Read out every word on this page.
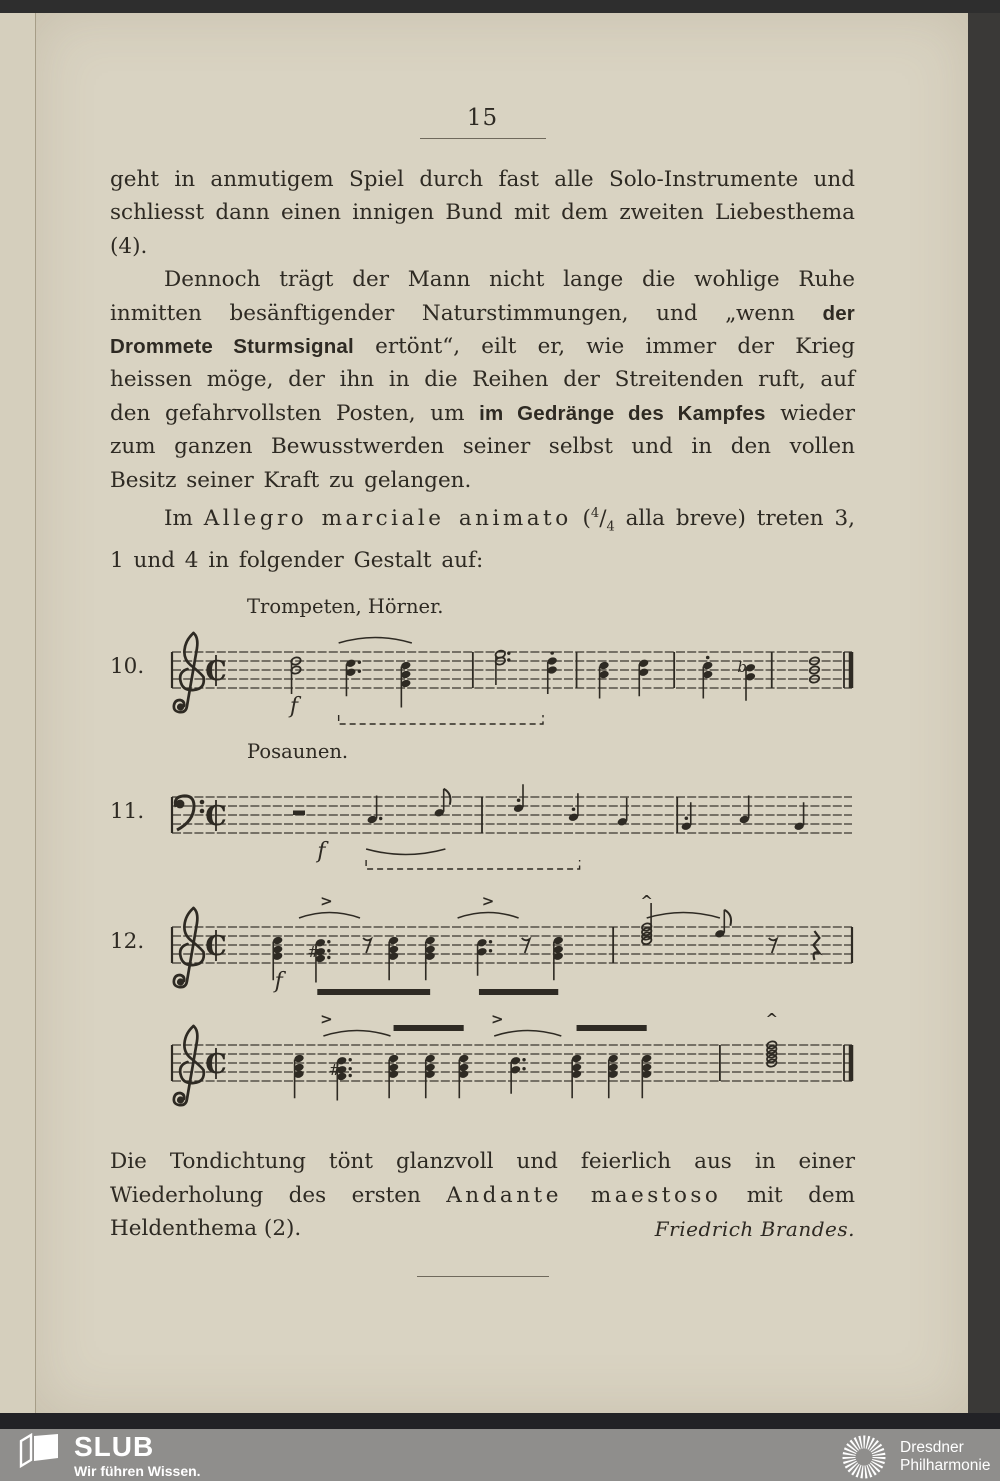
15

geht in anmutigem Spiel durch fast alle Solo-Instrumente und schliesst dann einen innigen Bund mit dem zweiten Liebesthema (4).

Dennoch trägt der Mann nicht lange die wohlige Ruhe inmitten besänftigender Naturstimmungen, und „wenn der Drommete Sturmsignal ertönt“, eilt er, wie immer der Krieg heissen möge, der ihn in die Reihen der Streitenden ruft, auf den gefahrvollsten Posten, um im Gedränge des Kampfes wieder zum ganzen Bewusstwerden seiner selbst und in den vollen Besitz seiner Kraft zu gelangen.

Im Allegro marciale animato ($^4/_4$ alla breve) treten 3, 1 und 4 in folgender Gestalt auf:

Trompeten, Hörner.
10. C
f
b
Posaunen.
11. C
f
12. C
>	>	^
f
#
C
>	>	^
#
Die Tondichtung tönt glanzvoll und feierlich aus in einer
Wiederholung des ersten Andante maestoso mit dem
Heldenthema (2).	Friedrich Brandes.
SLUB
Wir führen Wissen.
Dresdner
Philharmonie
